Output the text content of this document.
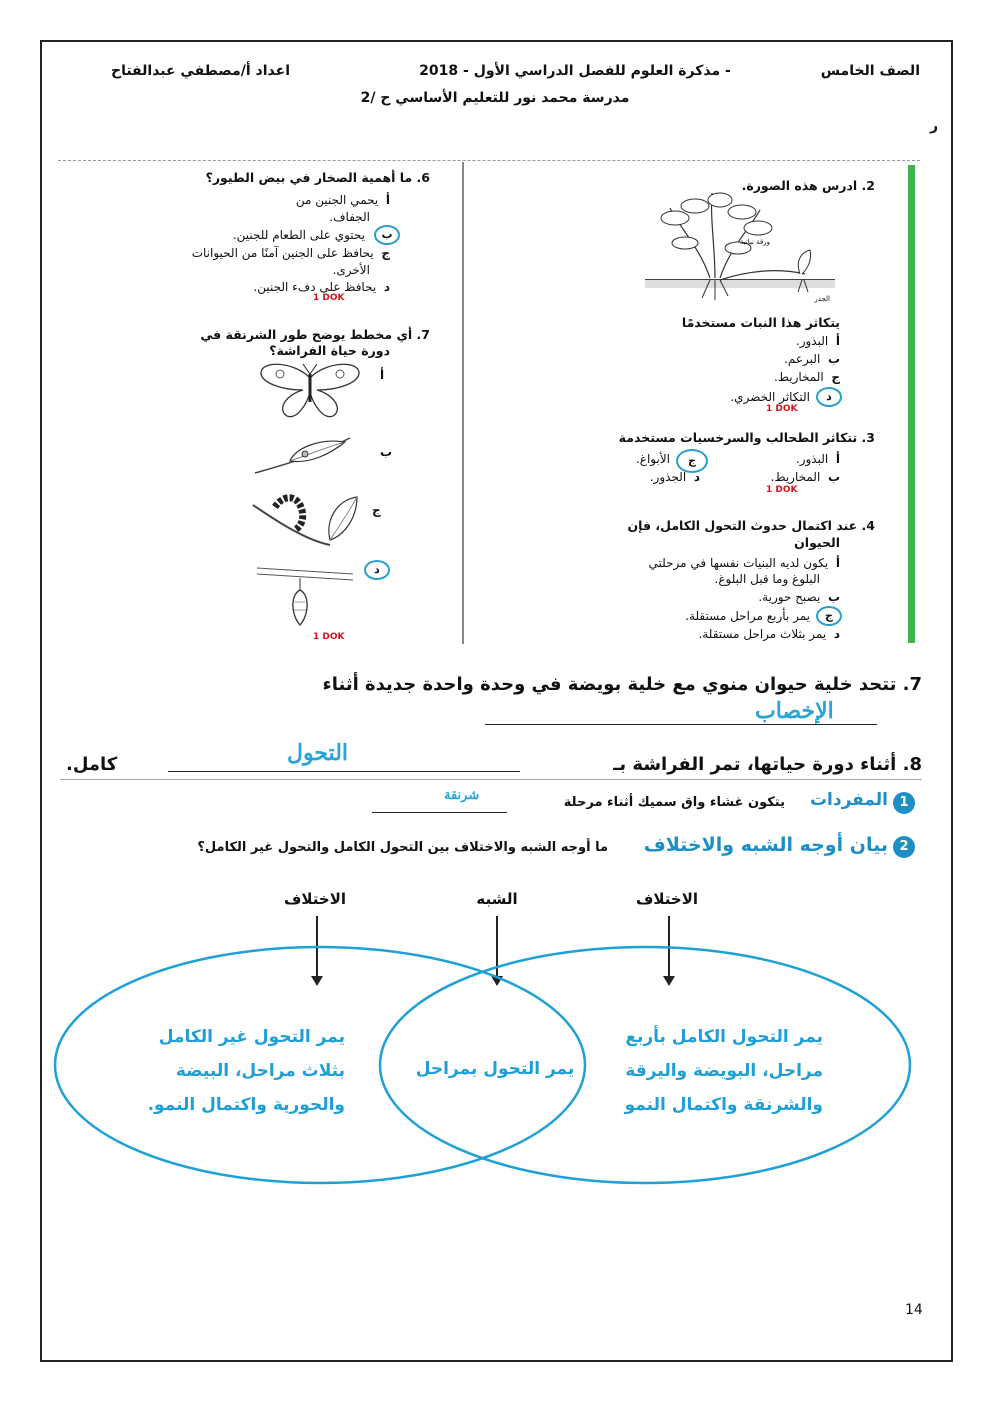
الصف الخامس
- مذكرة العلوم للفصل الدراسي الأول - 2018
اعداد أ/مصطفي عبدالفتاح
مدرسة محمد نور للتعليم الأساسي ح /2
ر
6. ما أهمية الصخار في بيض الطيور؟
أ  يحمي الجنين من
الجفاف.
يحتوي على الطعام للجنين.	ب
ج  يحافظ على الجنين آمنًا من الحيوانات
الأخرى.
د  يحافظ على دفء الجنين.
1 DOK
7. أي مخطط يوضح طور الشرنقة في
دورة حياة الفراشة؟
أ
ب
ج
د
1 DOK
2. ادرس هذه الصورة.
ورقة نباتية
الجذر
يتكاثر هذا النبات مستخدمًا
أ  البذور.
ب  البرعم.
ج  المخاريط.
التكاثر الخضري.	د
1 DOK
3. تتكاثر الطحالب والسرخسيات مستخدمة
أ  البذور.
الأبواغ.	ج
ب  المخاريط.
د  الجذور.
1 DOK
4. عند اكتمال حدوث التحول الكامل، فإن
الحيوان
أ  يكون لديه البنيات نفسها في مرحلتي
البلوغ وما قبل البلوغ.
ب  يصبح حورية.
يمر بأربع مراحل مستقلة.	ج
د  يمر بثلاث مراحل مستقلة.
7. تتحد خلية حيوان منوي مع خلية بويضة في وحدة واحدة جديدة أثناء
الإخصاب
8. أثناء دورة حياتها، تمر الفراشة بـ
التحول
كامل.
1
المفردات
يتكون غشاء واق سميك أثناء مرحلة
شرنقة
2
بيان أوجه الشبه والاختلاف
ما أوجه الشبه والاختلاف بين التحول الكامل والتحول غير الكامل؟
الاختلاف	الشبه	الاختلاف
يمر التحول غير الكامل
بثلاث مراحل، البيضة
والحورية واكتمال النمو.
يمر التحول بمراحل
يمر التحول الكامل بأربع
مراحل، البويضة واليرقة
والشرنقة واكتمال النمو
14
